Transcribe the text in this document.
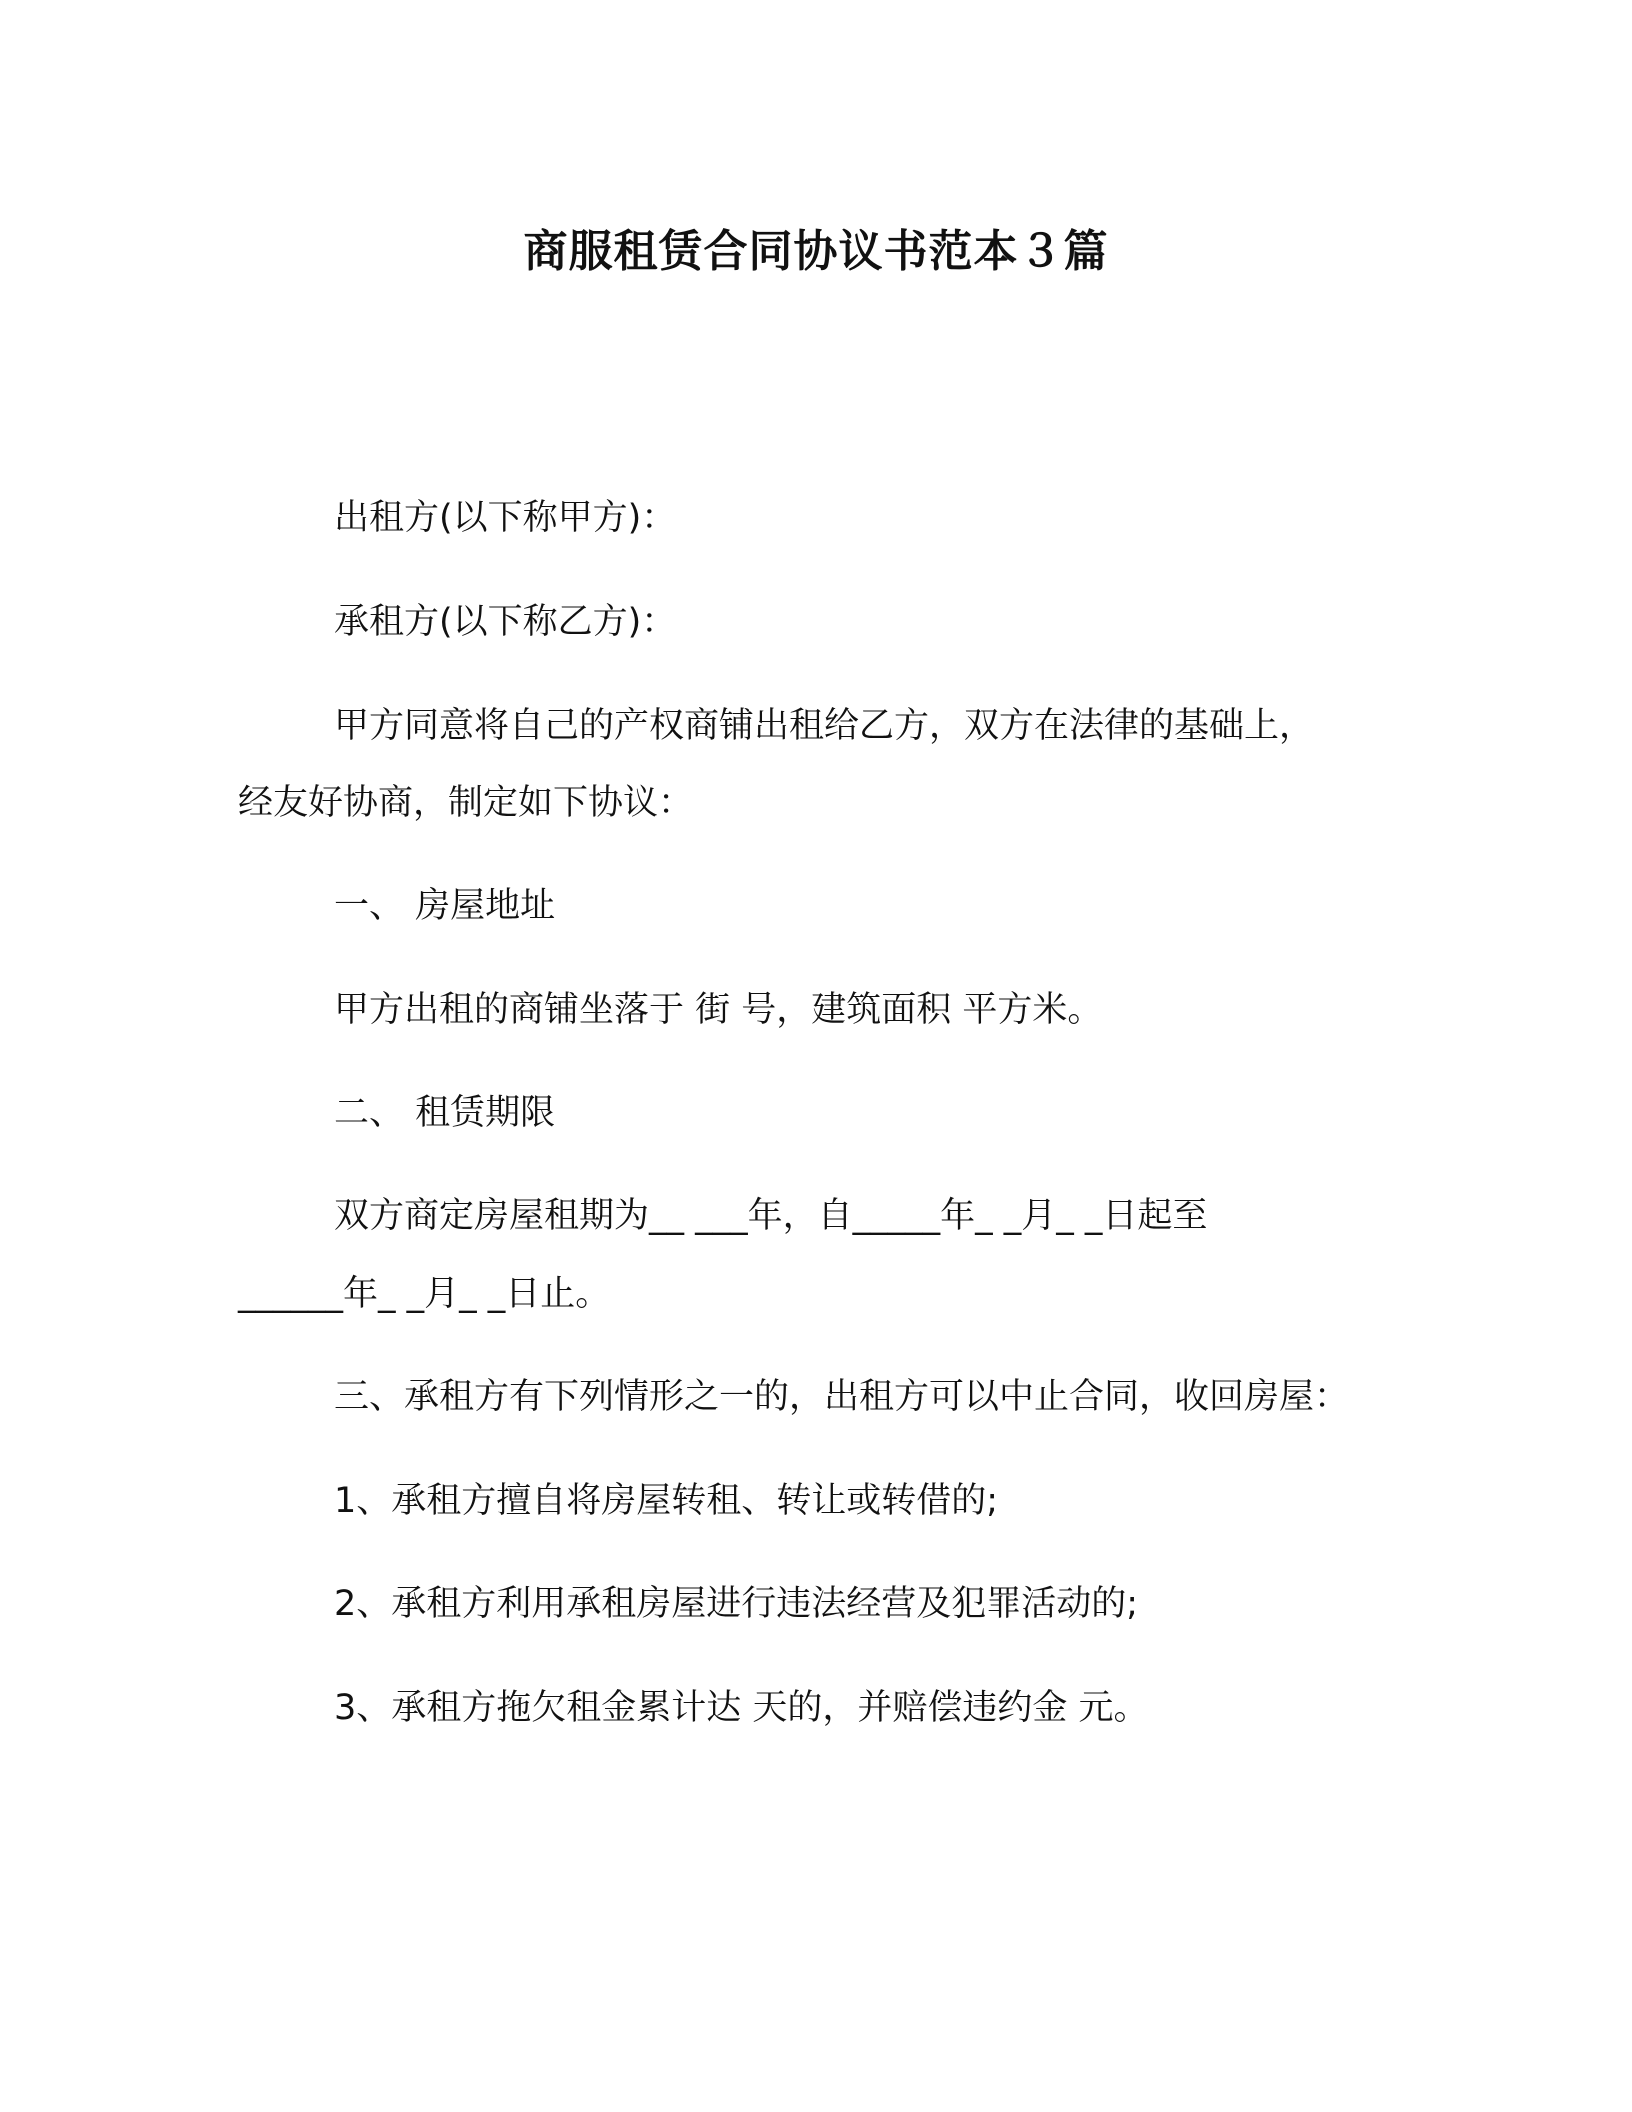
商服租赁合同协议书范本３篇
出租方(以下称甲方)：
承租方(以下称乙方)：
甲方同意将自己的产权商铺出租给乙方，双方在法律的基础上，
经友好协商，制定如下协议：
一、 房屋地址
甲方出租的商铺坐落于 街 号，建筑面积 平方米。
二、 租赁期限
双方商定房屋租期为__ ___年，自_____年_ _月_ _日起至
______年_ _月_ _日止。
三、承租方有下列情形之一的，出租方可以中止合同，收回房屋：
1、承租方擅自将房屋转租、转让或转借的;
2、承租方利用承租房屋进行违法经营及犯罪活动的;
3、承租方拖欠租金累计达 天的，并赔偿违约金 元。
